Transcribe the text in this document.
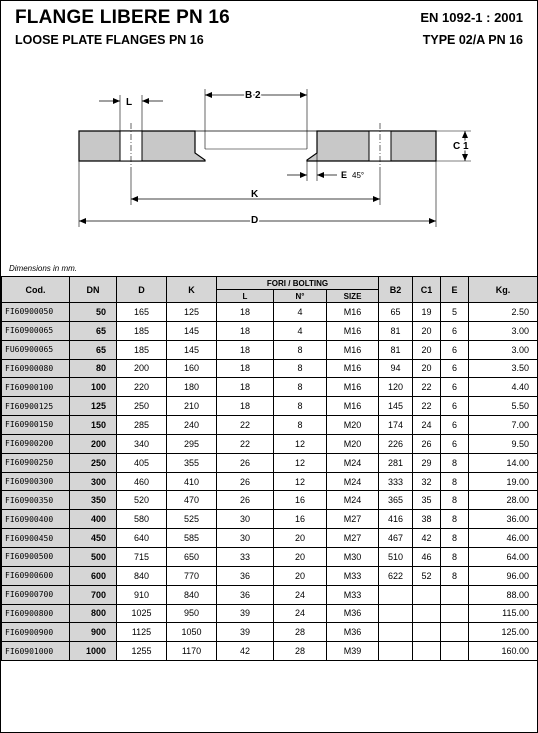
FLANGE LIBERE PN 16
LOOSE PLATE FLANGES PN 16
EN 1092-1 : 2001
TYPE 02/A PN 16
L
B 2
C 1
E 45°
K
D
Dimensions in mm.
Cod.	DN	D	K	FORI / BOLTING			B2	C1	E	Kg.
				L	N°	SIZE				
FI60900050	50	165	125	18	4	M16	65	19	5	2.50
FI60900065	65	185	145	18	4	M16	81	20	6	3.00
FU60900065	65	185	145	18	8	M16	81	20	6	3.00
FI60900080	80	200	160	18	8	M16	94	20	6	3.50
FI60900100	100	220	180	18	8	M16	120	22	6	4.40
FI60900125	125	250	210	18	8	M16	145	22	6	5.50
FI60900150	150	285	240	22	8	M20	174	24	6	7.00
FI60900200	200	340	295	22	12	M20	226	26	6	9.50
FI60900250	250	405	355	26	12	M24	281	29	8	14.00
FI60900300	300	460	410	26	12	M24	333	32	8	19.00
FI60900350	350	520	470	26	16	M24	365	35	8	28.00
FI60900400	400	580	525	30	16	M27	416	38	8	36.00
FI60900450	450	640	585	30	20	M27	467	42	8	46.00
FI60900500	500	715	650	33	20	M30	510	46	8	64.00
FI60900600	600	840	770	36	20	M33	622	52	8	96.00
FI60900700	700	910	840	36	24	M33				88.00
FI60900800	800	1025	950	39	24	M36				115.00
FI60900900	900	1125	1050	39	28	M36				125.00
FI60901000	1000	1255	1170	42	28	M39				160.00
